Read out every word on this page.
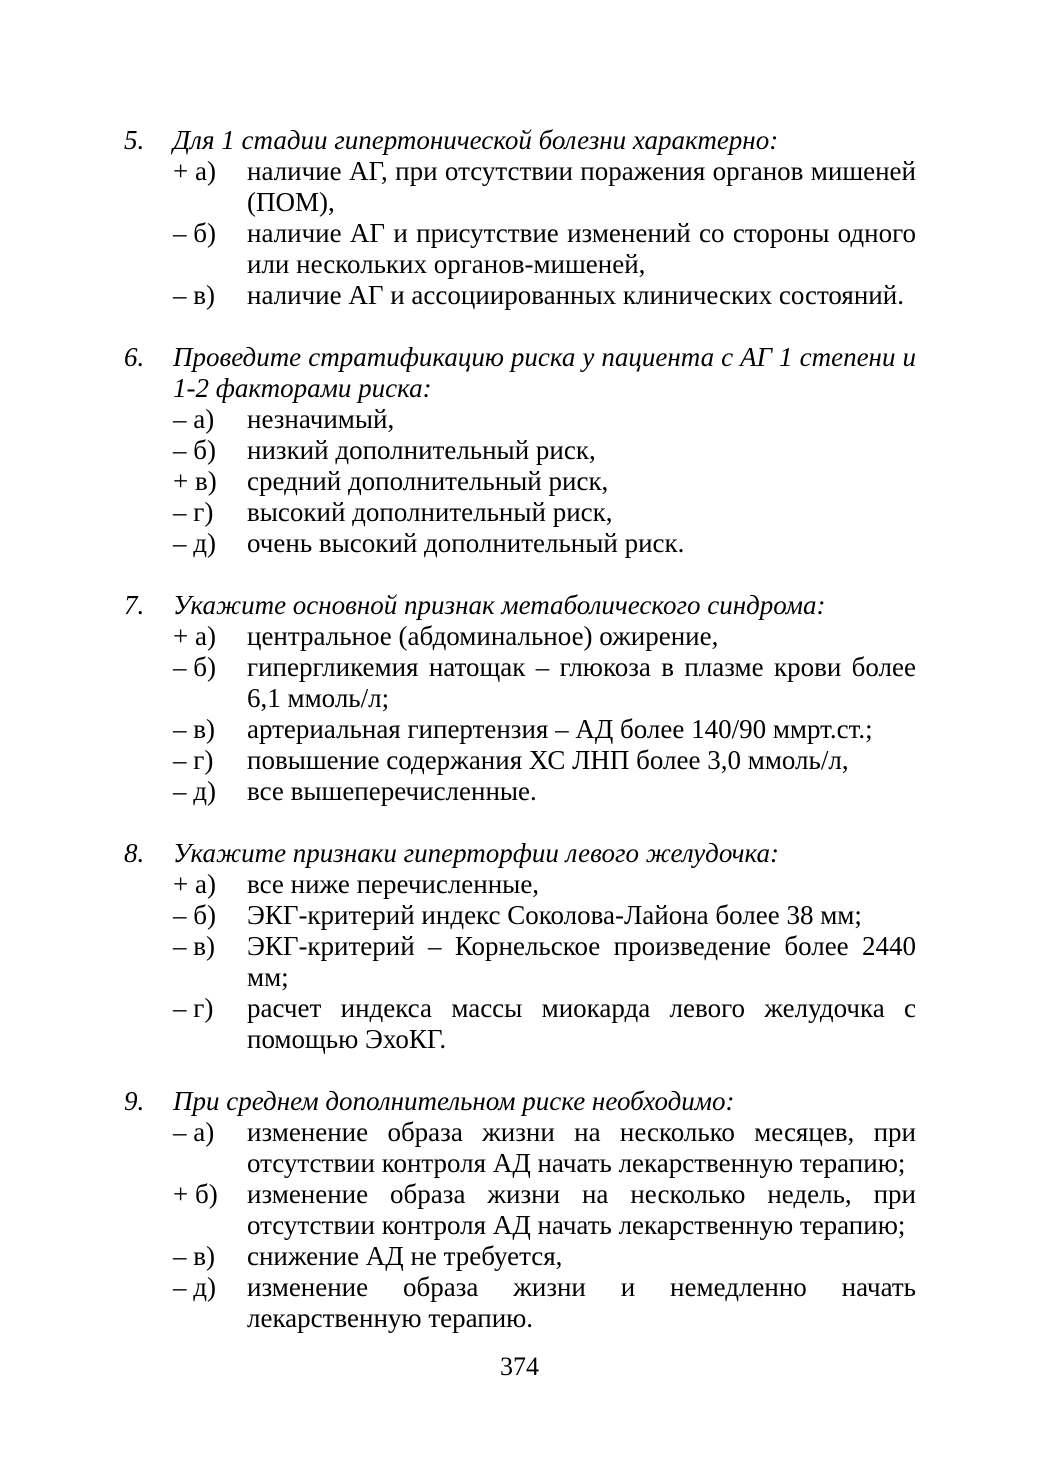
5.	Для 1 стадии гипертонической болезни характерно:
+ а)	наличие АГ, при отсутствии поражения органов мишеней (ПОМ),
– б)	наличие АГ и присутствие изменений со стороны одного или нескольких органов-мишеней,
– в)	наличие АГ и ассоциированных клинических состояний.
6.	Проведите стратификацию риска у пациента с АГ 1 степени и 1-2 факторами риска:
– а)	незначимый,
– б)	низкий дополнительный риск,
+ в)	средний дополнительный риск,
– г)	высокий дополнительный риск,
– д)	очень высокий дополнительный риск.
7.	Укажите основной признак метаболического синдрома:
+ а)	центральное (абдоминальное) ожирение,
– б)	гипергликемия натощак – глюкоза в плазме крови более 6,1 ммоль/л;
– в)	артериальная гипертензия – АД более 140/90 ммрт.ст.;
– г)	повышение содержания ХС ЛНП более 3,0 ммоль/л,
– д)	все вышеперечисленные.
8.	Укажите признаки гиперторфии левого желудочка:
+ а)	все ниже перечисленные,
– б)	ЭКГ-критерий индекс Соколова-Лайона более 38 мм;
– в)	ЭКГ-критерий – Корнельское произведение более 2440 мм;
– г)	расчет индекса массы миокарда левого желудочка с помощью ЭхоКГ.
9.	При среднем дополнительном риске необходимо:
– а)	изменение образа жизни на несколько месяцев, при отсутствии контроля АД начать лекарственную терапию;
+ б)	изменение образа жизни на несколько недель, при отсутствии контроля АД начать лекарственную терапию;
– в)	снижение АД не требуется,
– д)	изменение образа жизни и немедленно начать лекарственную терапию.
374
